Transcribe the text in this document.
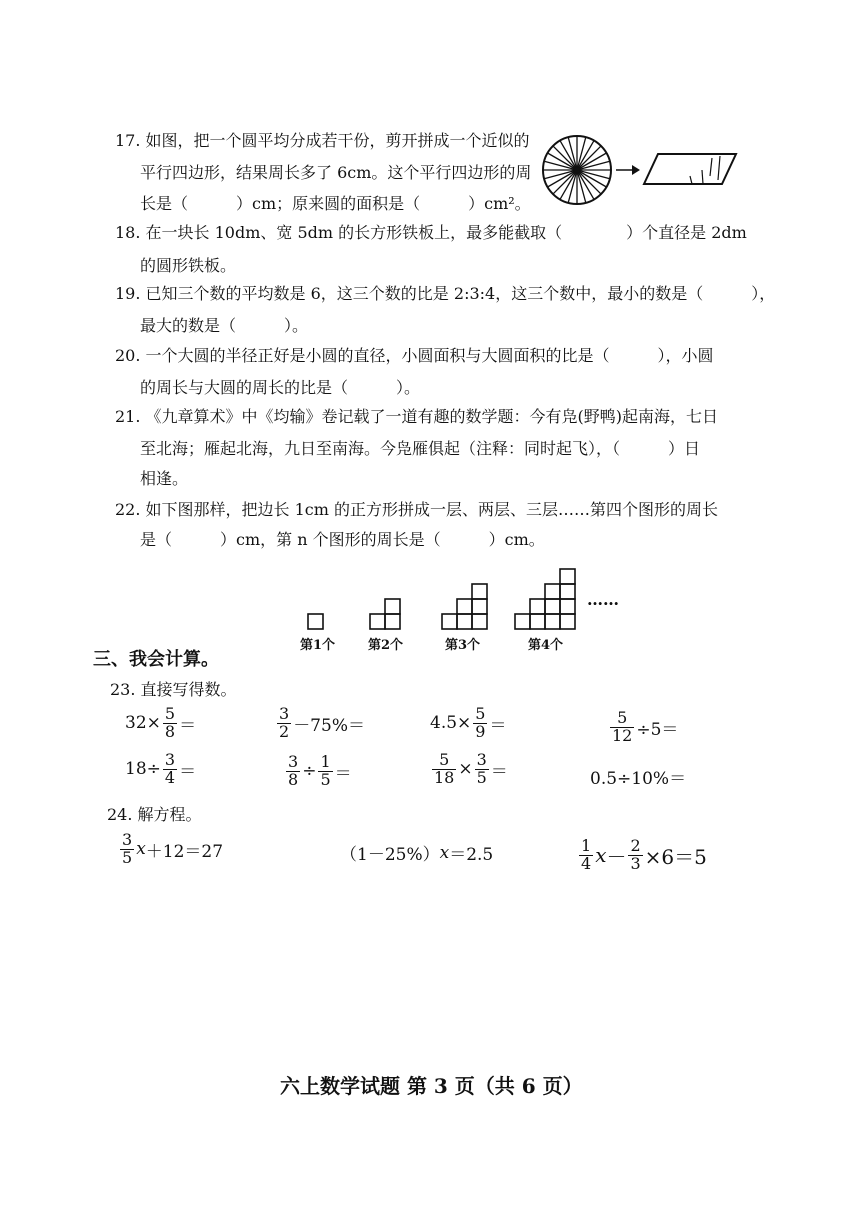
17. 如图，把一个圆平均分成若干份，剪开拼成一个近似的
平行四边形，结果周长多了 6cm。这个平行四边形的周
长是（　　　）cm；原来圆的面积是（　　　）cm²。
18. 在一块长 10dm、宽 5dm 的长方形铁板上，最多能截取（　　　　）个直径是 2dm
的圆形铁板。
19. 已知三个数的平均数是 6，这三个数的比是 2:3:4，这三个数中，最小的数是（　　　），
最大的数是（　　　）。
20. 一个大圆的半径正好是小圆的直径，小圆面积与大圆面积的比是（　　　），小圆
的周长与大圆的周长的比是（　　　）。
21. 《九章算术》中《均输》卷记载了一道有趣的数学题：今有凫(野鸭)起南海，七日
至北海；雁起北海，九日至南海。今凫雁俱起（注释：同时起飞），（　　　）日
相逢。
22. 如下图那样，把边长 1cm 的正方形拼成一层、两层、三层……第四个图形的周长
是（　　　）cm，第 n 个图形的周长是（　　　）cm。
第1个	第2个	第3个	第4个
……
三、我会计算。
23. 直接写得数。
$32\times \frac{5}{8}$ ＝	$\frac{3}{2} -75\%=$	$4.5\times \frac{5}{9}$ ＝	$\frac{5}{12} \div 5=$
$18\div \frac{3}{4}$ ＝	$\frac{3}{8} \div \frac{1}{5}$ ＝	$\frac{5}{18} \times \frac{3}{5}$ ＝	0.5÷10%＝
24. 解方程。
$\frac{3}{5}$ x ＋12＝27	（1－25%） x ＝2.5	$\frac{1}{4}$ $x - \frac{2}{3} \times 6=5$
六上数学试题 第 3 页（共 6 页）
